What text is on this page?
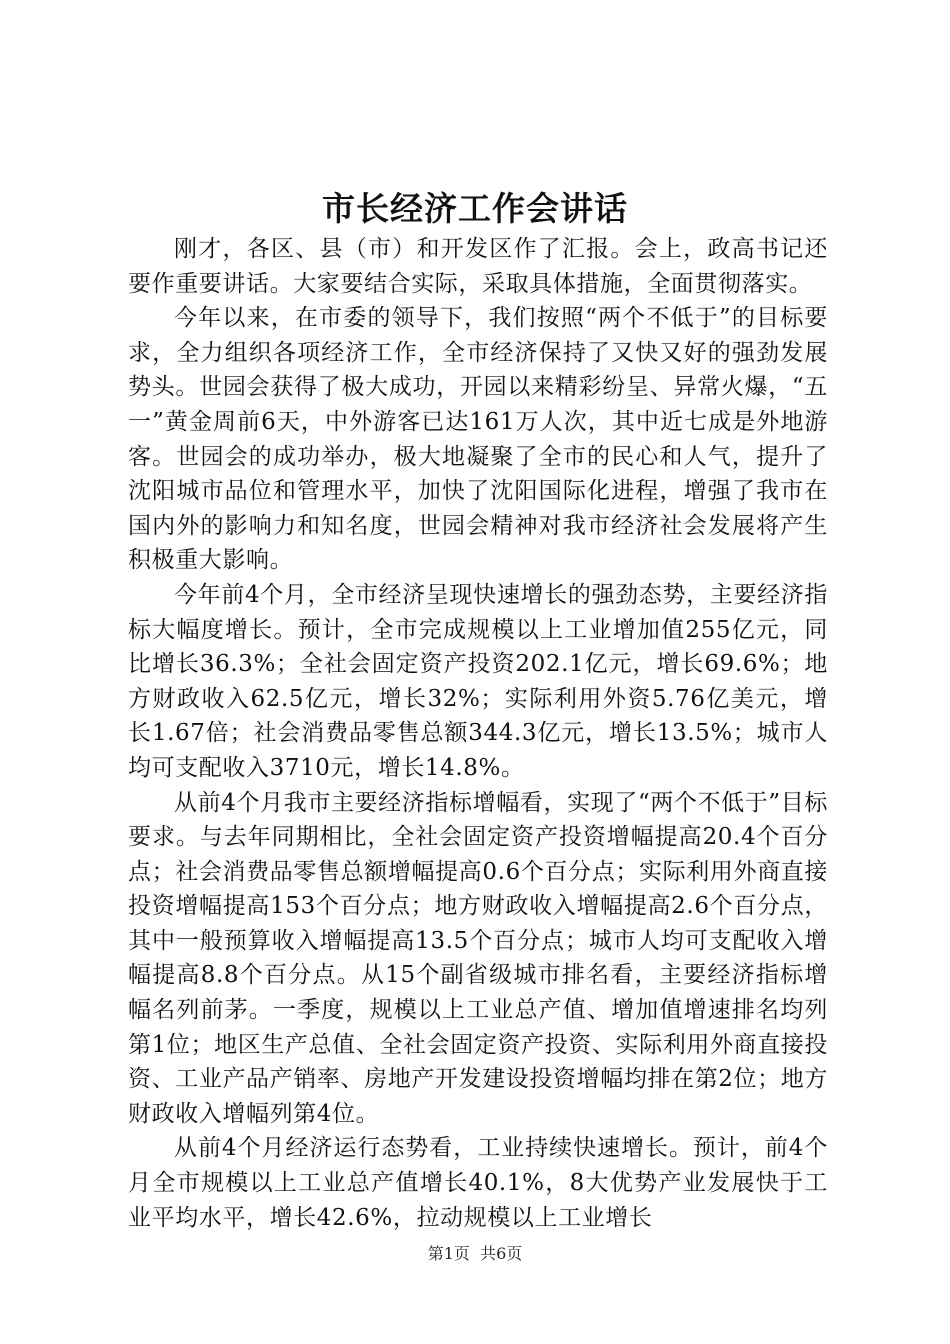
市长经济工作会讲话

刚才，各区、县（市）和开发区作了汇报。会上，政高书记还要作重要讲话。大家要结合实际，采取具体措施，全面贯彻落实。

今年以来，在市委的领导下，我们按照“两个不低于”的目标要求，全力组织各项经济工作，全市经济保持了又快又好的强劲发展势头。世园会获得了极大成功，开园以来精彩纷呈、异常火爆，“五一”黄金周前6天，中外游客已达161万人次，其中近七成是外地游客。世园会的成功举办，极大地凝聚了全市的民心和人气，提升了沈阳城市品位和管理水平，加快了沈阳国际化进程，增强了我市在国内外的影响力和知名度，世园会精神对我市经济社会发展将产生积极重大影响。

今年前4个月，全市经济呈现快速增长的强劲态势，主要经济指标大幅度增长。预计，全市完成规模以上工业增加值255亿元，同比增长36.3%；全社会固定资产投资202.1亿元，增长69.6%；地方财政收入62.5亿元，增长32%；实际利用外资5.76亿美元，增长1.67倍；社会消费品零售总额344.3亿元，增长13.5%；城市人均可支配收入3710元，增长14.8%。

从前4个月我市主要经济指标增幅看，实现了“两个不低于”目标要求。与去年同期相比，全社会固定资产投资增幅提高20.4个百分点；社会消费品零售总额增幅提高0.6个百分点；实际利用外商直接投资增幅提高153个百分点；地方财政收入增幅提高2.6个百分点，其中一般预算收入增幅提高13.5个百分点；城市人均可支配收入增幅提高8.8个百分点。从15个副省级城市排名看，主要经济指标增幅名列前茅。一季度，规模以上工业总产值、增加值增速排名均列第1位；地区生产总值、全社会固定资产投资、实际利用外商直接投资、工业产品产销率、房地产开发建设投资增幅均排在第2位；地方财政收入增幅列第4位。

从前4个月经济运行态势看，工业持续快速增长。预计，前4个月全市规模以上工业总产值增长40.1%，8大优势产业发展快于工业平均水平，增长42.6%，拉动规模以上工业增长

第1页 共6页
